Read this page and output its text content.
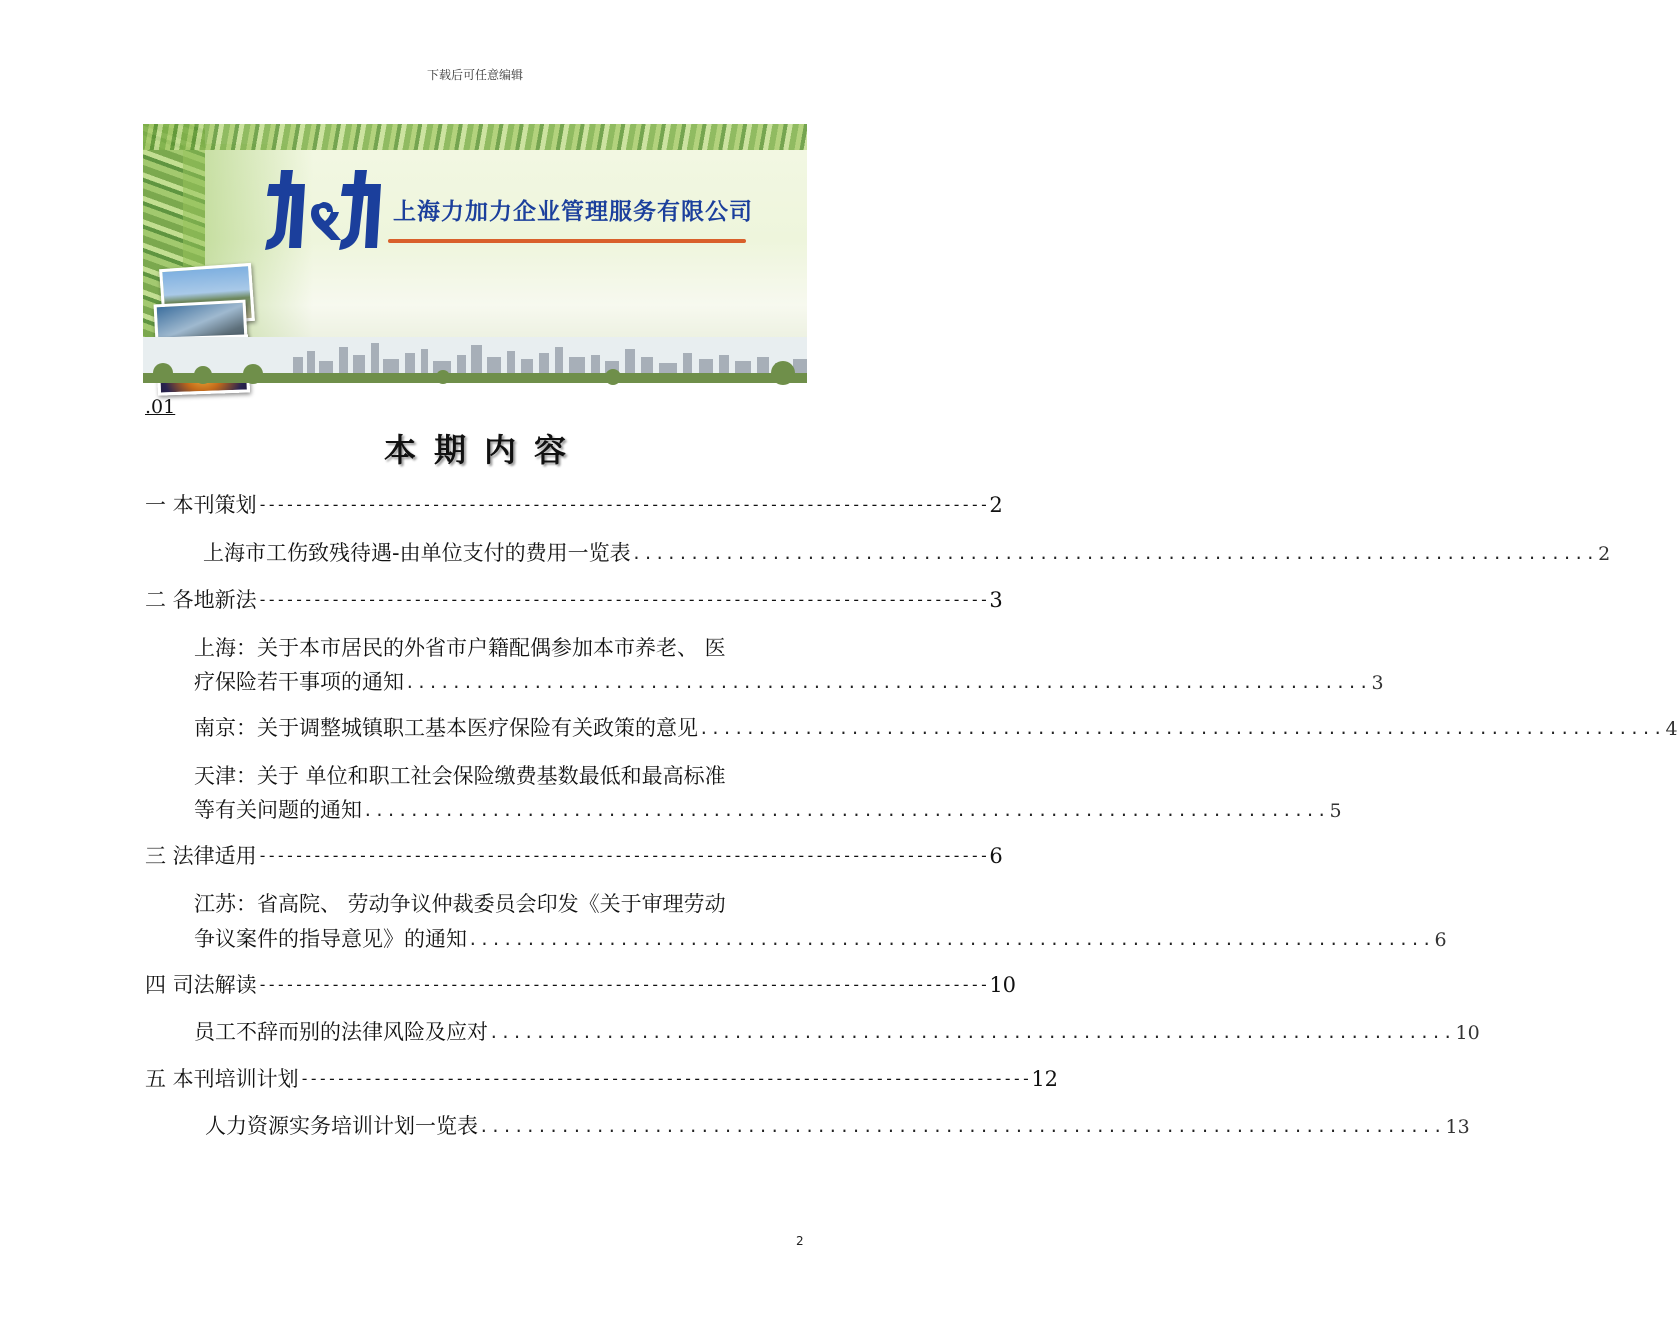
下载后可任意编辑
上海力加力企业管理服务有限公司
.01
本期内容
一 本刊策划 -------------------------------------------------------------------------------- 2
上海市工伤致残待遇-由单位支付的费用一览表 ................................................................................... 2
二 各地新法 -------------------------------------------------------------------------------- 3
上海：关于本市居民的外省市户籍配偶参加本市养老、 医
疗保险若干事项的通知 ................................................................................... 3
南京：关于调整城镇职工基本医疗保险有关政策的意见 ................................................................................... 4
天津：关于 单位和职工社会保险缴费基数最低和最高标准
等有关问题的通知 ................................................................................... 5
三 法律适用 -------------------------------------------------------------------------------- 6
江苏：省高院、 劳动争议仲裁委员会印发《关于审理劳动
争议案件的指导意见》的通知 ................................................................................... 6
四 司法解读 -------------------------------------------------------------------------------- 10
员工不辞而别的法律风险及应对 ................................................................................... 10
五 本刊培训计划 -------------------------------------------------------------------------------- 12
人力资源实务培训计划一览表 ................................................................................... 13
2
